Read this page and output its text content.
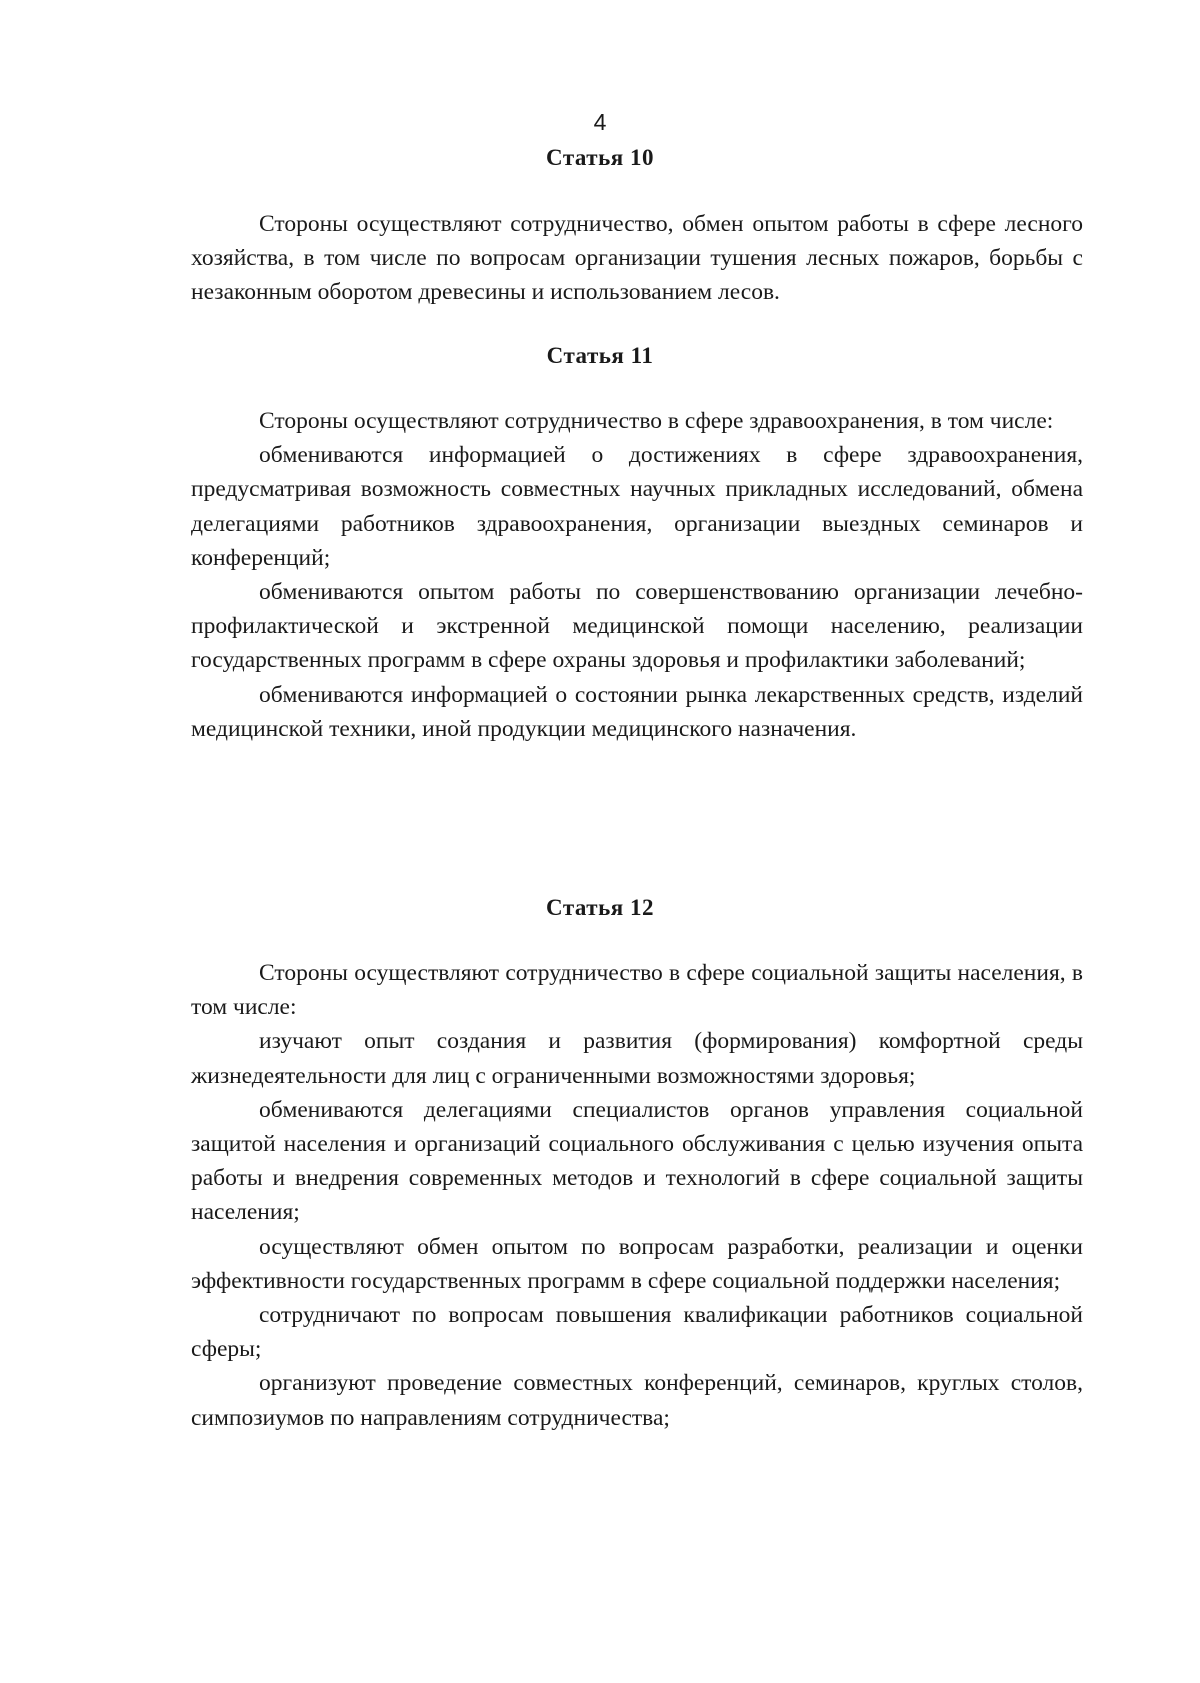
4
Статья 10

Стороны осуществляют сотрудничество, обмен опытом работы в сфере лесного хозяйства, в том числе по вопросам организации тушения лесных пожаров, борьбы с незаконным оборотом древесины и использованием лесов.

Статья 11

Стороны осуществляют сотрудничество в сфере здравоохранения, в том числе:

обмениваются информацией о достижениях в сфере здравоохранения, предусматривая возможность совместных научных прикладных исследований, обмена делегациями работников здравоохранения, организации выездных семинаров и конференций;

обмениваются опытом работы по совершенствованию организации лечебно-профилактической и экстренной медицинской помощи населению, реализации государственных программ в сфере охраны здоровья и профилактики заболеваний;

обмениваются информацией о состоянии рынка лекарственных средств, изделий медицинской техники, иной продукции медицинского назначения.

Статья 12

Стороны осуществляют сотрудничество в сфере социальной защиты населения, в том числе:

изучают опыт создания и развития (формирования) комфортной среды жизнедеятельности для лиц с ограниченными возможностями здоровья;

обмениваются делегациями специалистов органов управления социальной защитой населения и организаций социального обслуживания с целью изучения опыта работы и внедрения современных методов и технологий в сфере социальной защиты населения;

осуществляют обмен опытом по вопросам разработки, реализации и оценки эффективности государственных программ в сфере социальной поддержки населения;

сотрудничают по вопросам повышения квалификации работников социальной сферы;

организуют проведение совместных конференций, семинаров, круглых столов, симпозиумов по направлениям сотрудничества;
